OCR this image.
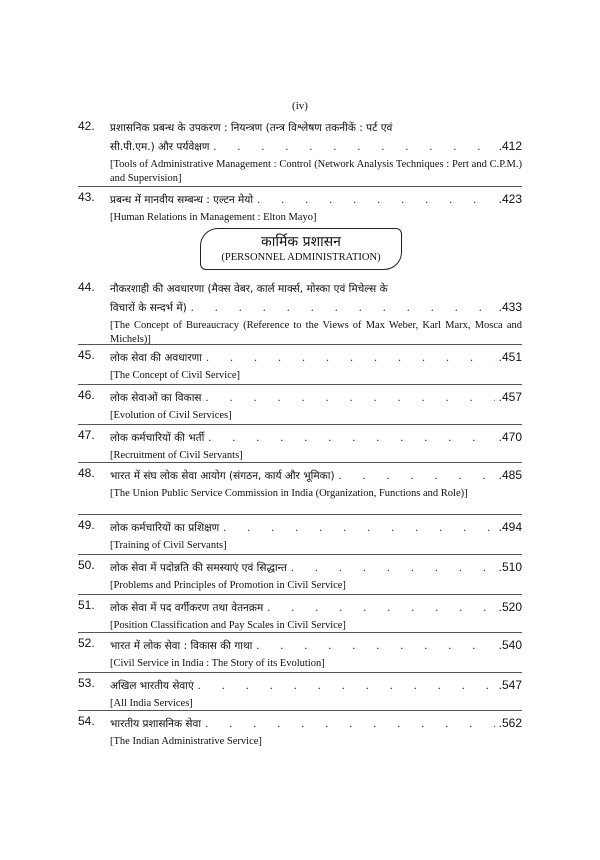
(iv)
42.	प्रशासनिक प्रबन्ध के उपकरण : नियन्त्रण (तन्त्र विश्लेषण तकनीकें : पर्ट एवं
सी.पी.एम.) और पर्यवेक्षण . . .	.412
[Tools of Administrative Management : Control (Network Analysis Techniques : Pert and C.P.M.) and Supervision]
43.	प्रबन्ध में मानवीय सम्बन्ध : एल्टन मेयो . . .	.423
[Human Relations in Management : Elton Mayo]
कार्मिक प्रशासन
(PERSONNEL ADMINISTRATION)
44.	नौकरशाही की अवधारणा (मैक्स वेबर, कार्ल मार्क्स, मोस्का एवं मिचेल्स के
विचारों के सन्दर्भ में) . . .	.433
[The Concept of Bureaucracy (Reference to the Views of Max Weber, Karl Marx, Mosca and Michels)]
45.	लोक सेवा की अवधारणा . . .	.451
[The Concept of Civil Service]
46.	लोक सेवाओं का विकास . . .	.457
[Evolution of Civil Services]
47.	लोक कर्मचारियों की भर्ती . . .	.470
[Recruitment of Civil Servants]
48.	भारत में संघ लोक सेवा आयोग (संगठन, कार्य और भूमिका) . . .	.485
[The Union Public Service Commission in India (Organization, Functions and Role)]
49.	लोक कर्मचारियों का प्रशिक्षण . . .	.494
[Training of Civil Servants]
50.	लोक सेवा में पदोन्नति की समस्याएं एवं सिद्धान्त . . .	.510
[Problems and Principles of Promotion in Civil Service]
51.	लोक सेवा में पद वर्गीकरण तथा वेतनक्रम . . .	.520
[Position Classification and Pay Scales in Civil Service]
52.	भारत में लोक सेवा : विकास की गाथा . . .	.540
[Civil Service in India : The Story of its Evolution]
53.	अखिल भारतीय सेवाएं . . .	.547
[All India Services]
54.	भारतीय प्रशासनिक सेवा . . .	.562
[The Indian Administrative Service]
